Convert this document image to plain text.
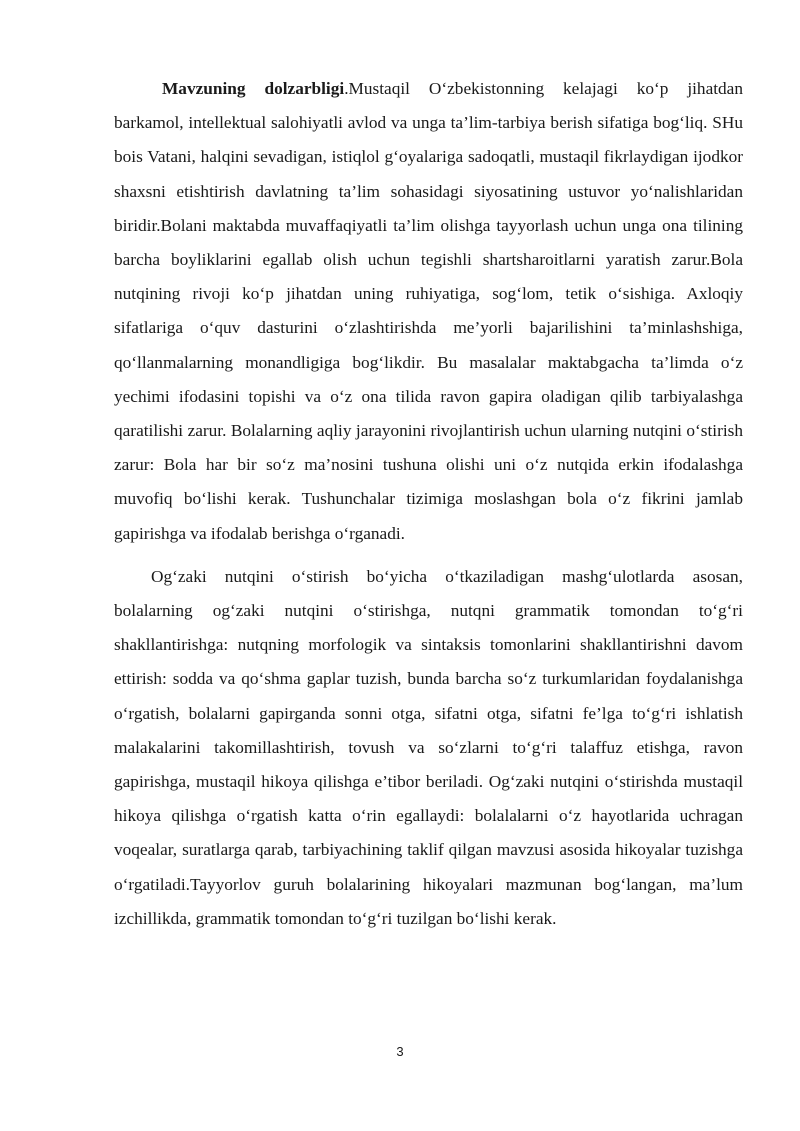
Mavzuning dolzarbligi.Mustaqil O‘zbekistonning kelajagi ko‘p jihatdan barkamol, intellektual salohiyatli avlod va unga ta’lim-tarbiya berish sifatiga bog‘liq. SHu bois Vatani, halqini sevadigan, istiqlol g‘oyalariga sadoqatli, mustaqil fikrlaydigan ijodkor shaxsni etishtirish davlatning ta’lim sohasidagi siyosatining ustuvor yo‘nalishlaridan biridir.Bolani maktabda muvaffaqiyatli ta’lim olishga tayyorlash uchun unga ona tilining barcha boyliklarini egallab olish uchun tegishli shartsharoitlarni yaratish zarur.Bola nutqining rivoji ko‘p jihatdan uning ruhiyatiga, sog‘lom, tetik o‘sishiga. Axloqiy sifatlariga o‘quv dasturini o‘zlashtirishda me’yorli bajarilishini ta’minlashshiga, qo‘llanmalarning monandligiga bog‘likdir. Bu masalalar maktabgacha ta’limda o‘z yechimi ifodasini topishi va o‘z ona tilida ravon gapira oladigan qilib tarbiyalashga qaratilishi zarur. Bolalarning aqliy jarayonini rivojlantirish uchun ularning nutqini o‘stirish zarur: Bola har bir so‘z ma’nosini tushuna olishi uni o‘z nutqida erkin ifodalashga muvofiq bo‘lishi kerak. Tushunchalar tizimiga moslashgan bola o‘z fikrini jamlab gapirishga va ifodalab berishga o‘rganadi.

Og‘zaki nutqini o‘stirish bo‘yicha o‘tkaziladigan mashg‘ulotlarda asosan, bolalarning og‘zaki nutqini o‘stirishga, nutqni grammatik tomondan to‘g‘ri shakllantirishga: nutqning morfologik va sintaksis tomonlarini shakllantirishni davom ettirish: sodda va qo‘shma gaplar tuzish, bunda barcha so‘z turkumlaridan foydalanishga o‘rgatish, bolalarni gapirganda sonni otga, sifatni otga, sifatni fe’lga to‘g‘ri ishlatish malakalarini takomillashtirish, tovush va so‘zlarni to‘g‘ri talaffuz etishga, ravon gapirishga, mustaqil hikoya qilishga e’tibor beriladi. Og‘zaki nutqini o‘stirishda mustaqil hikoya qilishga o‘rgatish katta o‘rin egallaydi: bolalalarni o‘z hayotlarida uchragan voqealar, suratlarga qarab, tarbiyachining taklif qilgan mavzusi asosida hikoyalar tuzishga o‘rgatiladi.Tayyorlov guruh bolalarining hikoyalari mazmunan bog‘langan, ma’lum izchillikda, grammatik tomondan to‘g‘ri tuzilgan bo‘lishi kerak.

3
